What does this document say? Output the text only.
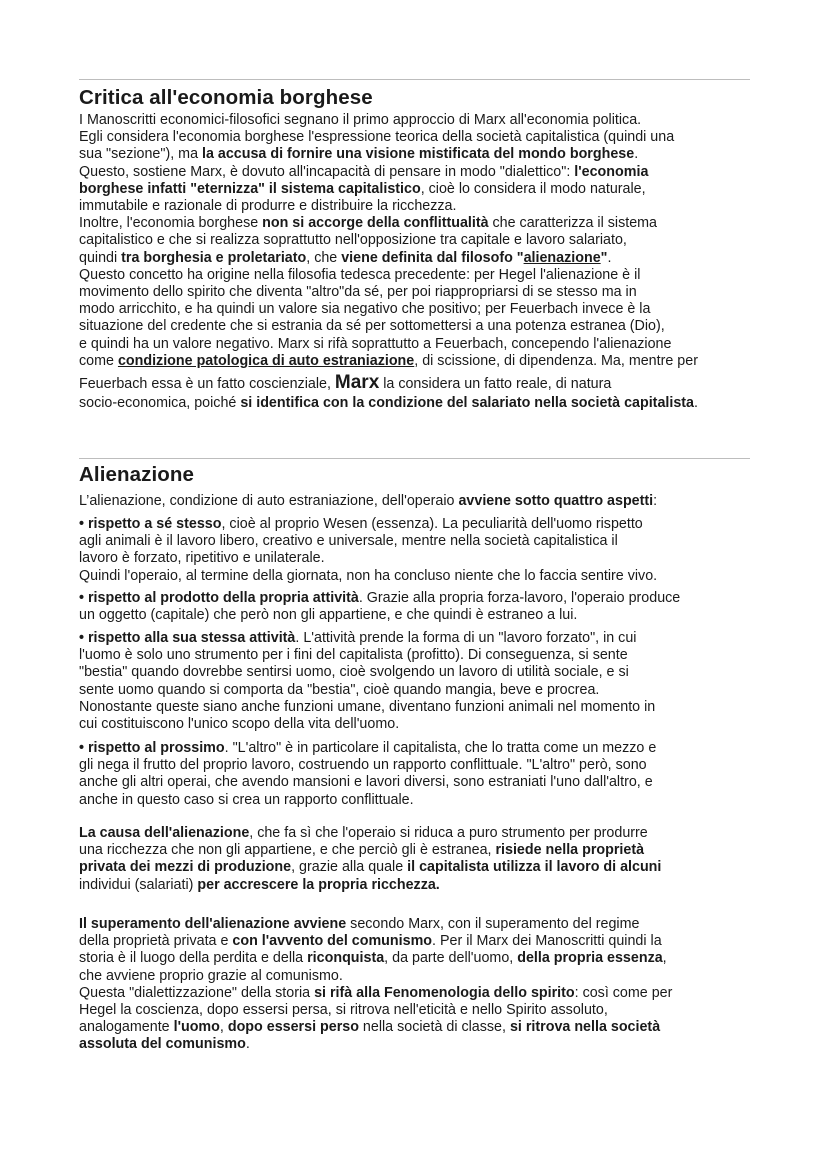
Critica all'economia borghese

I Manoscritti economici-filosofici segnano il primo approccio di Marx all'economia politica.

Egli considera l'economia borghese l'espressione teorica della società capitalistica (quindi una

sua "sezione"), ma la accusa di fornire una visione mistificata del mondo borghese.

Questo, sostiene Marx, è dovuto all'incapacità di pensare in modo "dialettico": l'economia

borghese infatti "eternizza" il sistema capitalistico, cioè lo considera il modo naturale,

immutabile e razionale di produrre e distribuire la ricchezza.

Inoltre, l'economia borghese non si accorge della conflittualità che caratterizza il sistema

capitalistico e che si realizza soprattutto nell'opposizione tra capitale e lavoro salariato,

quindi tra borghesia e proletariato, che viene definita dal filosofo "alienazione".

Questo concetto ha origine nella filosofia tedesca precedente: per Hegel l'alienazione è il

movimento dello spirito che diventa "altro"da sé, per poi riappropriarsi di se stesso ma in

modo arricchito, e ha quindi un valore sia negativo che positivo; per Feuerbach invece è la

situazione del credente che si estrania da sé per sottomettersi a una potenza estranea (Dio),

e quindi ha un valore negativo. Marx si rifà soprattutto a Feuerbach, concependo l'alienazione

come condizione patologica di auto estraniazione, di scissione, di dipendenza. Ma, mentre per

Feuerbach essa è un fatto coscienziale, Marx la considera un fatto reale, di natura

socio-economica, poiché si identifica con la condizione del salariato nella società capitalista.

Alienazione

L’alienazione, condizione di auto estraniazione, dell'operaio avviene sotto quattro aspetti:

• rispetto a sé stesso, cioè al proprio Wesen (essenza). La peculiarità dell'uomo rispetto

agli animali è il lavoro libero, creativo e universale, mentre nella società capitalistica il

lavoro è forzato, ripetitivo e unilaterale.

Quindi l'operaio, al termine della giornata, non ha concluso niente che lo faccia sentire vivo.

• rispetto al prodotto della propria attività. Grazie alla propria forza-lavoro, l'operaio produce

un oggetto (capitale) che però non gli appartiene, e che quindi è estraneo a lui.

• rispetto alla sua stessa attività. L'attività prende la forma di un "lavoro forzato", in cui

l'uomo è solo uno strumento per i fini del capitalista (profitto). Di conseguenza, si sente

"bestia" quando dovrebbe sentirsi uomo, cioè svolgendo un lavoro di utilità sociale, e si

sente uomo quando si comporta da "bestia", cioè quando mangia, beve e procrea.

Nonostante queste siano anche funzioni umane, diventano funzioni animali nel momento in

cui costituiscono l'unico scopo della vita dell'uomo.

• rispetto al prossimo. "L'altro" è in particolare il capitalista, che lo tratta come un mezzo e

gli nega il frutto del proprio lavoro, costruendo un rapporto conflittuale. "L'altro" però, sono

anche gli altri operai, che avendo mansioni e lavori diversi, sono estraniati l'uno dall'altro, e

anche in questo caso si crea un rapporto conflittuale.

La causa dell'alienazione, che fa sì che l'operaio si riduca a puro strumento per produrre

una ricchezza che non gli appartiene, e che perciò gli è estranea, risiede nella proprietà

privata dei mezzi di produzione, grazie alla quale il capitalista utilizza il lavoro di alcuni

individui (salariati) per accrescere la propria ricchezza.

Il superamento dell'alienazione avviene secondo Marx, con il superamento del regime

della proprietà privata e con l'avvento del comunismo. Per il Marx dei Manoscritti quindi la

storia è il luogo della perdita e della riconquista, da parte dell'uomo, della propria essenza,

che avviene proprio grazie al comunismo.

Questa "dialettizzazione" della storia si rifà alla Fenomenologia dello spirito: così come per

Hegel la coscienza, dopo essersi persa, si ritrova nell'eticità e nello Spirito assoluto,

analogamente l'uomo, dopo essersi perso nella società di classe, si ritrova nella società

assoluta del comunismo.
